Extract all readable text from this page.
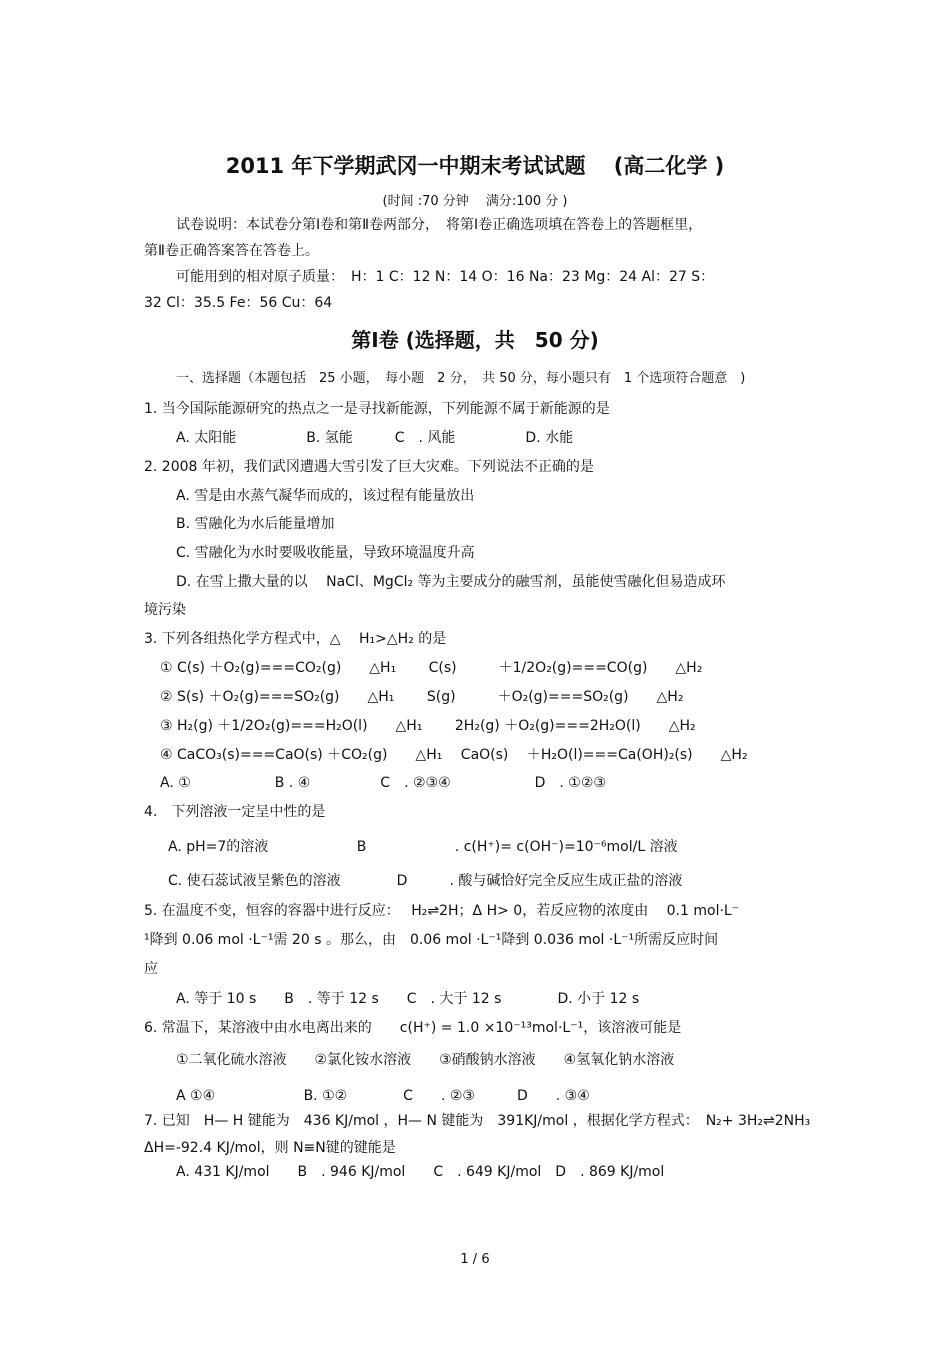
2011 年下学期武冈一中期末考试试题　 (高二化学 )
(时间 :70 分钟　 满分:100 分 )
试卷说明：本试卷分第Ⅰ卷和第Ⅱ卷两部分，　将第Ⅰ卷正确选项填在答卷上的答题框里，
第Ⅱ卷正确答案答在答卷上。
可能用到的相对原子质量：　H：1 C：12 N：14 O：16 Na：23 Mg：24 Al：27 S：
32 Cl：35.5 Fe：56 Cu：64
第Ⅰ卷 (选择题，共　50 分)
一、选择题（本题包括　25 小题，　每小题　2 分，　共 50 分，每小题只有　1 个选项符合题意　)
1. 当今国际能源研究的热点之一是寻找新能源，下列能源不属于新能源的是
A. 太阳能　　　　　B. 氢能　　　C　. 风能　　　　　D. 水能
2. 2008 年初，我们武冈遭遇大雪引发了巨大灾难。下列说法不正确的是
A. 雪是由水蒸气凝华而成的，该过程有能量放出
B. 雪融化为水后能量增加
C. 雪融化为水时要吸收能量，导致环境温度升高
D. 在雪上撒大量的以　 NaCl、MgCl₂ 等为主要成分的融雪剂，虽能使雪融化但易造成环
境污染
3. 下列各组热化学方程式中，△　 H₁>△H₂ 的是
① C(s) ＋O₂(g)===CO₂(g)　　△H₁　　 C(s)　　　＋1/2O₂(g)===CO(g)　　△H₂
② S(s) ＋O₂(g)===SO₂(g)　　△H₁　　 S(g)　　　＋O₂(g)===SO₂(g)　　△H₂
③ H₂(g) ＋1/2O₂(g)===H₂O(l)　　△H₁　　 2H₂(g) ＋O₂(g)===2H₂O(l)　　△H₂
④ CaCO₃(s)===CaO(s) ＋CO₂(g)　　△H₁　 CaO(s)　 ＋H₂O(l)===Ca(OH)₂(s)　　△H₂
A. ①　　　　　　B . ④　　　　　C　. ②③④　　　　　　D　. ①②③
4.　下列溶液一定呈中性的是
A. pH=7的溶液　　　　　　 B　　　　　　 . c(H⁺)= c(OH⁻)=10⁻⁶mol/L 溶液
C. 使石蕊试液呈紫色的溶液　　　　D　　　. 酸与碱恰好完全反应生成正盐的溶液
5. 在温度不变，恒容的容器中进行反应：　 H₂⇌2H；Δ H> 0，若反应物的浓度由　 0.1 mol·L⁻
¹降到 0.06 mol ·L⁻¹需 20 s 。那么，由　0.06 mol ·L⁻¹降到 0.036 mol ·L⁻¹所需反应时间
应
A. 等于 10 s　　B　. 等于 12 s　　C　. 大于 12 s　　　　D. 小于 12 s
6. 常温下，某溶液中由水电离出来的　　c(H⁺) = 1.0 ×10⁻¹³mol·L⁻¹，该溶液可能是
①二氧化硫水溶液　　②氯化铵水溶液　　③硝酸钠水溶液　　④氢氧化钠水溶液
A ①④　　　　　　 B. ①②　　　　C　　. ②③　　　D　　. ③④
7. 已知　H— H 键能为　436 KJ/mol ，H— N 键能为　391KJ/mol ，根据化学方程式：　N₂+ 3H₂⇌2NH₃
ΔH=-92.4 KJ/mol，则 N≡N键的键能是
A. 431 KJ/mol　　B　. 946 KJ/mol　　C　. 649 KJ/mol　D　. 869 KJ/mol
1 / 6
